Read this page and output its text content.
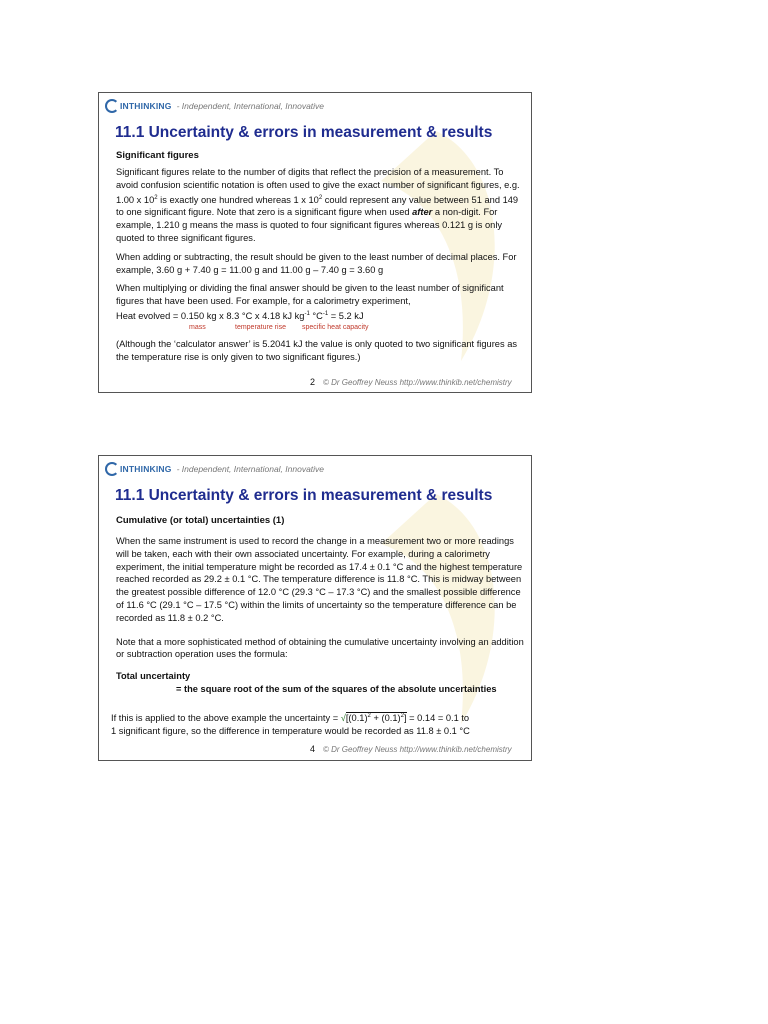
INTHINKING - Independent, International, Innovative
11.1 Uncertainty & errors in measurement & results
Significant figures

Significant figures relate to the number of digits that reflect the precision of a measurement. To avoid confusion scientific notation is often used to give the exact number of significant figures, e.g. 1.00 x $10^2$ is exactly one hundred whereas 1 x $10^2$ could represent any value between 51 and 149 to one significant figure. Note that zero is a significant figure when used after a non-digit. For example, 1.210 g means the mass is quoted to four significant figures whereas 0.121 g is only quoted to three significant figures.

When adding or subtracting, the result should be given to the least number of decimal places. For example, 3.60 g + 7.40 g = 11.00 g and 11.00 g – 7.40 g = 3.60 g

When multiplying or dividing the final answer should be given to the least number of significant figures that have been used. For example, for a calorimetry experiment,

Heat evolved = 0.150 kg x 8.3 °C x 4.18 kJ $kg^{-1}$ $^\circ C^{-1} = 5.2$ kJ
mass	temperature rise specific heat capacity

(Although the ‘calculator answer’ is 5.2041 kJ the value is only quoted to two significant figures as the temperature rise is only given to two significant figures.)

2 © Dr Geoffrey Neuss http://www.thinkib.net/chemistry
INTHINKING - Independent, International, Innovative
11.1 Uncertainty & errors in measurement & results
Cumulative (or total) uncertainties (1)

When the same instrument is used to record the change in a measurement two or more readings will be taken, each with their own associated uncertainty. For example, during a calorimetry experiment, the initial temperature might be recorded as 17.4 ± 0.1 °C and the highest temperature reached recorded as 29.2 ± 0.1 °C. The temperature difference is 11.8 °C. This is midway between the greatest possible difference of 12.0 °C (29.3 °C – 17.3 °C) and the smallest possible difference of 11.6 °C (29.1 °C – 17.5 °C) within the limits of uncertainty so the temperature difference can be recorded as 11.8 ± 0.2 °C.

Note that a more sophisticated method of obtaining the cumulative uncertainty involving an addition or subtraction operation uses the formula:

Total uncertainty
= the square root of the sum of the squares of the absolute uncertainties
If this is applied to the above example the uncertainty = $√[(0.1)^2 + (0.1)^2] = 0.14 = 0.1$ to
1 significant figure, so the difference in temperature would be recorded as 11.8 ± 0.1 °C
4 © Dr Geoffrey Neuss http://www.thinkib.net/chemistry
